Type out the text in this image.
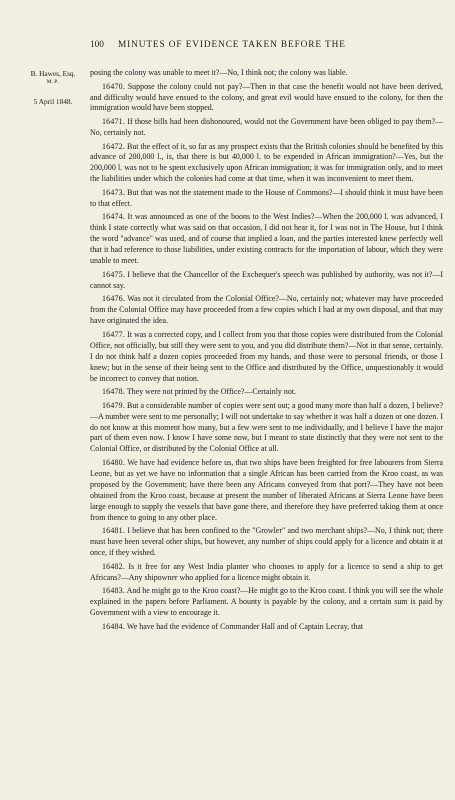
100 MINUTES OF EVIDENCE TAKEN BEFORE THE
B. Hawes, Esq.
M.P.
5 April 1848.

posing the colony was unable to meet it?—No, I think not; the colony was liable.

16470. Suppose the colony could not pay?—Then in that case the benefit would not have been derived, and difficulty would have ensued to the colony, and great evil would have ensued to the colony, for then the immigration would have been stopped.

16471. If those bills had been dishonoured, would not the Government have been obliged to pay them?—No, certainly not.

16472. But the effect of it, so far as any prospect exists that the British colonies should be benefited by this advance of 200,000 l., is, that there is but 40,000 l. to be expended in African immigration?—Yes, but the 200,000 l. was not to be spent exclusively upon African immigration; it was for immigration only, and to meet the liabilities under which the colonies had come at that time, when it was inconvenient to meet them.

16473. But that was not the statement made to the House of Commons?—I should think it must have been to that effect.

16474. It was announced as one of the boons to the West Indies?—When the 200,000 l. was advanced, I think I state correctly what was said on that occasion, I did not hear it, for I was not in The House, but I think the word "advance" was used, and of course that implied a loan, and the parties interested knew perfectly well that it had reference to those liabilities, under existing contracts for the importation of labour, which they were unable to meet.

16475. I believe that the Chancellor of the Exchequer's speech was published by authority, was not it?—I cannot say.

16476. Was not it circulated from the Colonial Office?—No, certainly not; whatever may have proceeded from the Colonial Office may have proceeded from a few copies which I had at my own disposal, and that may have originated the idea.

16477. It was a corrected copy, and I collect from you that those copies were distributed from the Colonial Office, not officially, but still they were sent to you, and you did distribute them?—Not in that sense, certainly. I do not think half a dozen copies proceeded from my hands, and those were to personal friends, or those I knew; but in the sense of their being sent to the Office and distributed by the Office, unquestionably it would be incorrect to convey that notion.

16478. They were not printed by the Office?—Certainly not.

16479. But a considerable number of copies were sent out; a good many more than half a dozen, I believe?—A number were sent to me personally; I will not undertake to say whether it was half a dozen or one dozen. I do not know at this moment how many, but a few were sent to me individually, and I believe I have the major part of them even now. I know I have some now, but I meant to state distinctly that they were not sent to the Colonial Office, or distributed by the Colonial Office at all.

16480. We have had evidence before us, that two ships have been freighted for free labourers from Sierra Leone, but as yet we have no information that a single African has been carried from the Kroo coast, as was proposed by the Government; have there been any Africans conveyed from that port?—They have not been obtained from the Kroo coast, because at present the number of liberated Africans at Sierra Leone have been large enough to supply the vessels that have gone there, and therefore they have preferred taking them at once from thence to going to any other place.

16481. I believe that has been confined to the "Growler" and two merchant ships?—No, I think not; there must have been several other ships, but however, any number of ships could apply for a licence and obtain it at once, if they wished.

16482. Is it free for any West India planter who chooses to apply for a licence to send a ship to get Africans?—Any shipowner who applied for a licence might obtain it.

16483. And he might go to the Kroo coast?—He might go to the Kroo coast. I think you will see the whole explained in the papers before Parliament. A bounty is payable by the colony, and a certain sum is paid by Government with a view to encourage it.

16484. We have had the evidence of Commander Hall and of Captain Lecray, that
